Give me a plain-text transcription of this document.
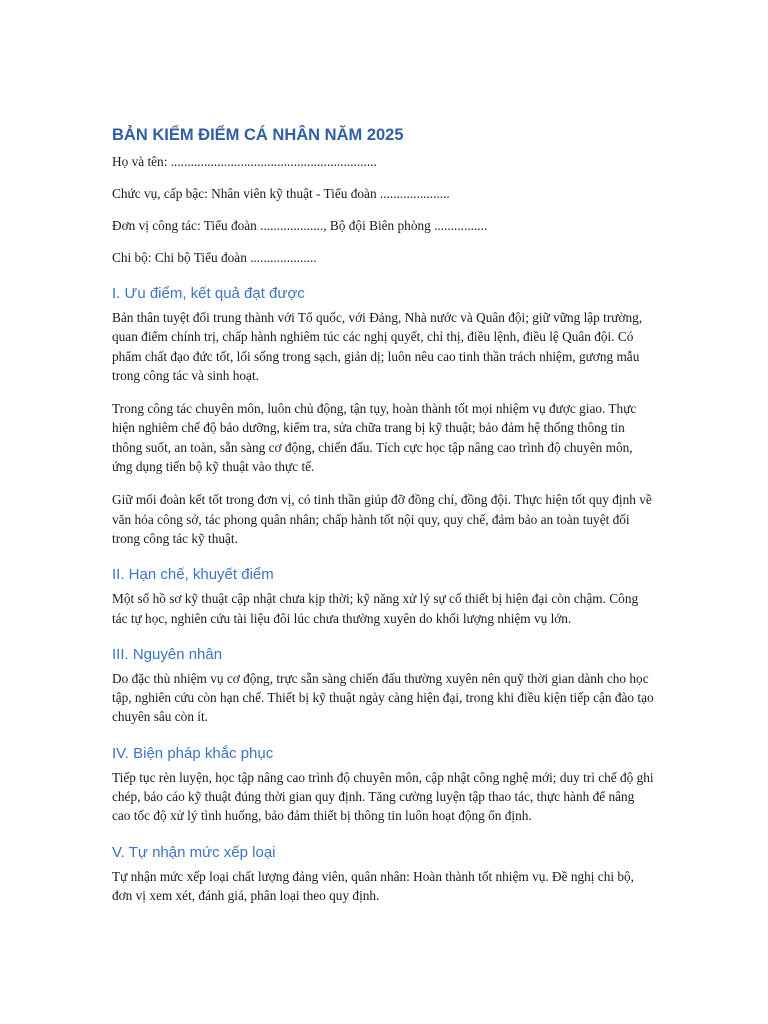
BẢN KIỂM ĐIỂM CÁ NHÂN NĂM 2025

Họ và tên: ..............................................................

Chức vụ, cấp bậc: Nhân viên kỹ thuật - Tiểu đoàn .....................

Đơn vị công tác: Tiểu đoàn ..................., Bộ đội Biên phòng ................

Chi bộ: Chi bộ Tiểu đoàn ....................

I. Ưu điểm, kết quả đạt được

Bản thân tuyệt đối trung thành với Tổ quốc, với Đảng, Nhà nước và Quân đội; giữ vững lập trường, quan điểm chính trị, chấp hành nghiêm túc các nghị quyết, chỉ thị, điều lệnh, điều lệ Quân đội. Có phẩm chất đạo đức tốt, lối sống trong sạch, giản dị; luôn nêu cao tinh thần trách nhiệm, gương mẫu trong công tác và sinh hoạt.

Trong công tác chuyên môn, luôn chủ động, tận tụy, hoàn thành tốt mọi nhiệm vụ được giao. Thực hiện nghiêm chế độ bảo dưỡng, kiểm tra, sửa chữa trang bị kỹ thuật; bảo đảm hệ thống thông tin thông suốt, an toàn, sẵn sàng cơ động, chiến đấu. Tích cực học tập nâng cao trình độ chuyên môn, ứng dụng tiến bộ kỹ thuật vào thực tế.

Giữ mối đoàn kết tốt trong đơn vị, có tinh thần giúp đỡ đồng chí, đồng đội. Thực hiện tốt quy định về văn hóa công sở, tác phong quân nhân; chấp hành tốt nội quy, quy chế, đảm bảo an toàn tuyệt đối trong công tác kỹ thuật.

II. Hạn chế, khuyết điểm

Một số hồ sơ kỹ thuật cập nhật chưa kịp thời; kỹ năng xử lý sự cố thiết bị hiện đại còn chậm. Công tác tự học, nghiên cứu tài liệu đôi lúc chưa thường xuyên do khối lượng nhiệm vụ lớn.

III. Nguyên nhân

Do đặc thù nhiệm vụ cơ động, trực sẵn sàng chiến đấu thường xuyên nên quỹ thời gian dành cho học tập, nghiên cứu còn hạn chế. Thiết bị kỹ thuật ngày càng hiện đại, trong khi điều kiện tiếp cận đào tạo chuyên sâu còn ít.

IV. Biện pháp khắc phục

Tiếp tục rèn luyện, học tập nâng cao trình độ chuyên môn, cập nhật công nghệ mới; duy trì chế độ ghi chép, báo cáo kỹ thuật đúng thời gian quy định. Tăng cường luyện tập thao tác, thực hành để nâng cao tốc độ xử lý tình huống, bảo đảm thiết bị thông tin luôn hoạt động ổn định.

V. Tự nhận mức xếp loại

Tự nhận mức xếp loại chất lượng đảng viên, quân nhân: Hoàn thành tốt nhiệm vụ. Đề nghị chi bộ, đơn vị xem xét, đánh giá, phân loại theo quy định.
